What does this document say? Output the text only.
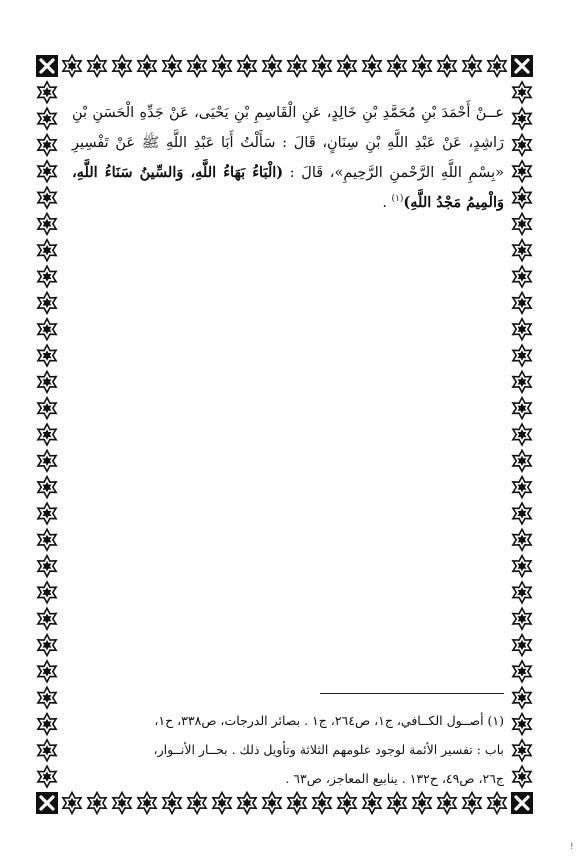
عــنْ أَحْمَدَ بْنِ مُحَمَّدِ بْنِ خَالِدٍ، عَنِ الْقَاسِمِ بْنِ يَحْيَى، عَنْ جَدِّهِ الْحَسَنِ بْنِ رَاشِدٍ، عَنْ عَبْدِ اللَّهِ بْنِ سِنَانٍ، قَالَ : سَأَلْتُ أَبَا عَبْدِ اللَّهِ ﷺ عَنْ تَفْسِيرِ «بِسْمِ اللَّهِ الرَّحْمنِ الرَّحِيمِ»، قَالَ : (الْبَاءُ بَهَاءُ اللَّهِ، وَالسِّينُ سَنَاءُ اللَّهِ، وَالْمِيمُ مَجْدُ اللَّهِ)$^{(١)}$ .
(١) أصــول الكــافي، ج١، ص٢٦٤، ج١ . بصائر الدرجات، ص٣٣٨، ح١،
باب : تفسير الأئمة لوجود علومهم الثلاثة وتأويل ذلك . بحــار الأنــوار،
ج٢٦، ص٤٩، ح١٣٢ . ينابيع المعاجز، ص٦٣ .
!
